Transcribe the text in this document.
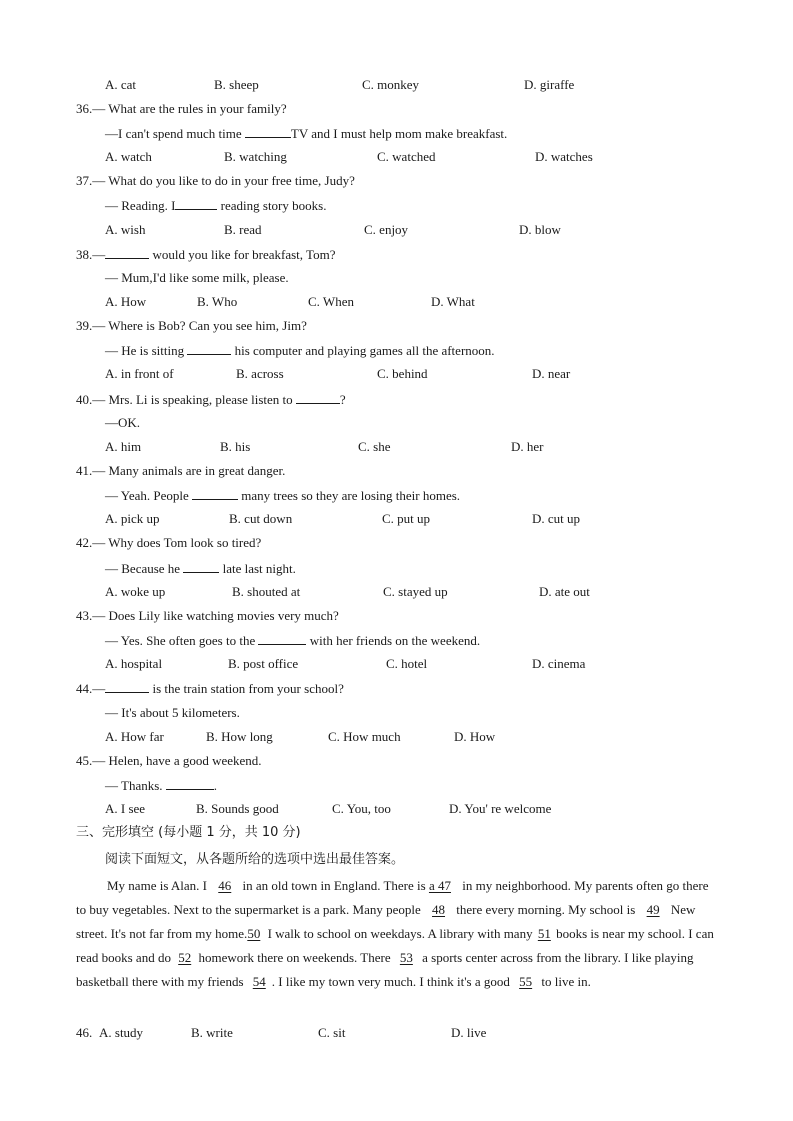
A. cat	B. sheep	C. monkey	D. giraffe
36.— What are the rules in your family?
—I can't spend much time	TV and I must help mom make breakfast.
A. watch	B. watching	C. watched	D. watches
37.— What do you like to do in your free time, Judy?
— Reading. I	reading story books.
A. wish	B. read	C. enjoy	D. blow
38.—	would you like for breakfast, Tom?
— Mum,I'd like some milk, please.
A. How	B. Who	C. When	D. What
39.— Where is Bob? Can you see him, Jim?
— He is sitting	his computer and playing games all the afternoon.
A. in front of	B. across	C. behind	D. near
40.— Mrs. Li is speaking, please listen to	?
—OK.
A. him	B. his	C. she	D. her
41.— Many animals are in great danger.
— Yeah. People	many trees so they are losing their homes.
A. pick up	B. cut down	C. put up	D. cut up
42.— Why does Tom look so tired?
— Because he	late last night.
A. woke up	B. shouted at	C. stayed up	D. ate out
43.— Does Lily like watching movies very much?
— Yes. She often goes to the	with her friends on the weekend.
A. hospital	B. post office	C. hotel	D. cinema
44.—	is the train station from your school?
— It's about 5 kilometers.
A. How far	B. How long	C. How much	D. How
45.— Helen, have a good weekend.
— Thanks.	.
A. I see	B. Sounds good	C. You, too	D. You' re welcome
三、完形填空 (每小题 1 分，共 10 分)
阅读下面短文，从各题所给的选项中选出最佳答案。
My name is Alan. I 46 in an old town in England. There is a 47 in my neighborhood. My parents often go there to buy vegetables. Next to the supermarket is a park. Many people 48 there every morning. My school is 49 New street. It's not far from my home.50 I walk to school on weekdays. A library with many 51 books is near my school. I can read books and do 52 homework there on weekends. There 53 a sports center across from the library. I like playing basketball there with my friends 54 . I like my town very much. I think it's a good 55 to live in.
46. A. study	B. write	C. sit	D. live
